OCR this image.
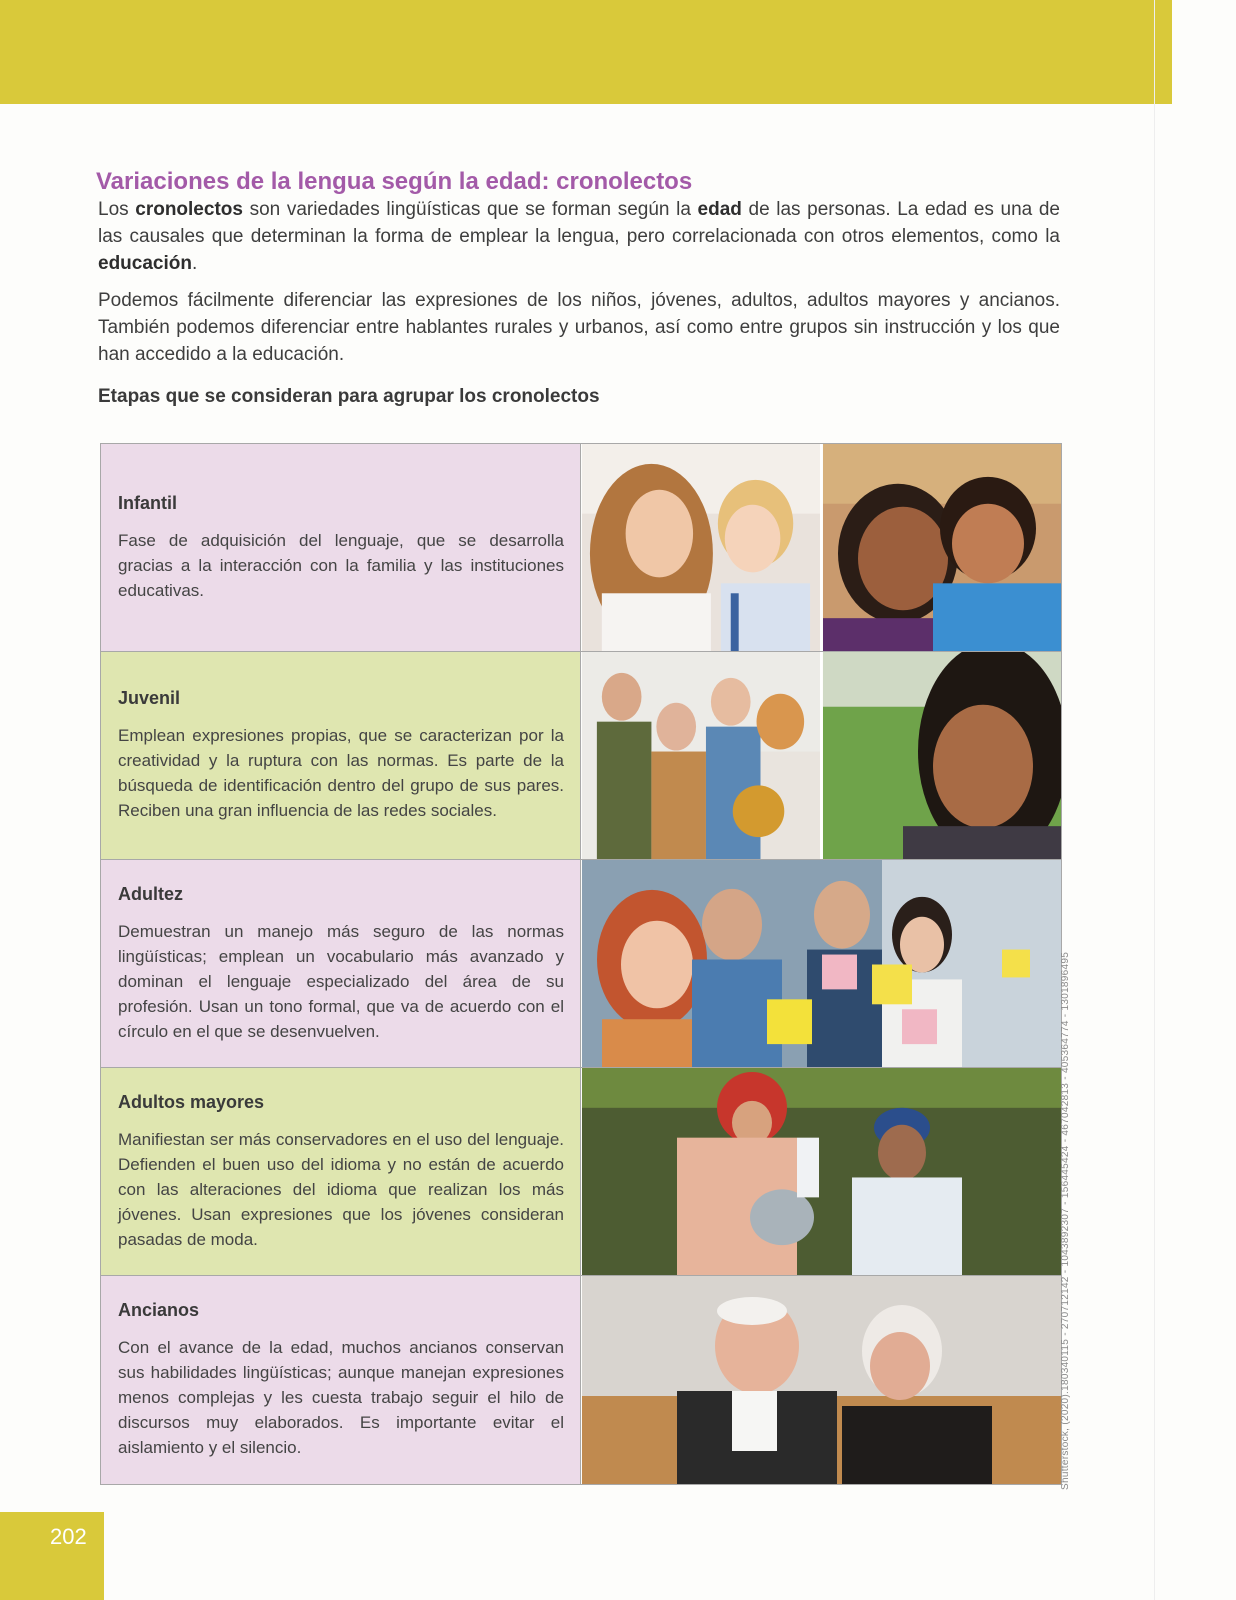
Variaciones de la lengua según la edad: cronolectos

Los cronolectos son variedades lingüísticas que se forman según la edad de las personas. La edad es una de las causales que determinan la forma de emplear la lengua, pero correlacionada con otros elementos, como la educación.

Podemos fácilmente diferenciar las expresiones de los niños, jóvenes, adultos, adultos mayores y ancianos. También podemos diferenciar entre hablantes rurales y urbanos, así como entre grupos sin instrucción y los que han accedido a la educación.

Etapas que se consideran para agrupar los cronolectos
Infantil

Fase de adquisición del lenguaje, que se desarrolla gracias a la interacción con la familia y las instituciones educativas.

Juvenil

Emplean expresiones propias, que se caracterizan por la creatividad y la ruptura con las normas. Es parte de la búsqueda de identificación dentro del grupo de sus pares. Reciben una gran influencia de las redes sociales.

Adultez

Demuestran un manejo más seguro de las normas lingüísticas; emplean un vocabulario más avanzado y dominan el lenguaje especializado del área de su profesión. Usan un tono formal, que va de acuerdo con el círculo en el que se desenvuelven.

Adultos mayores

Manifiestan ser más conservadores en el uso del lenguaje. Defienden el buen uso del idioma y no están de acuerdo con las alteraciones del idioma que realizan los más jóvenes. Usan expresiones que los jóvenes consideran pasadas de moda.

Ancianos

Con el avance de la edad, muchos ancianos conservan sus habilidades lingüísticas; aunque manejan expresiones menos complejas y les cuesta trabajo seguir el hilo de discursos muy elaborados. Es importante evitar el aislamiento y el silencio.	Shutterstock, (2020).180340115 - 270712142 - 1043892307 - 156445424 - 467042813 - 405364774 - 1301896495
202
